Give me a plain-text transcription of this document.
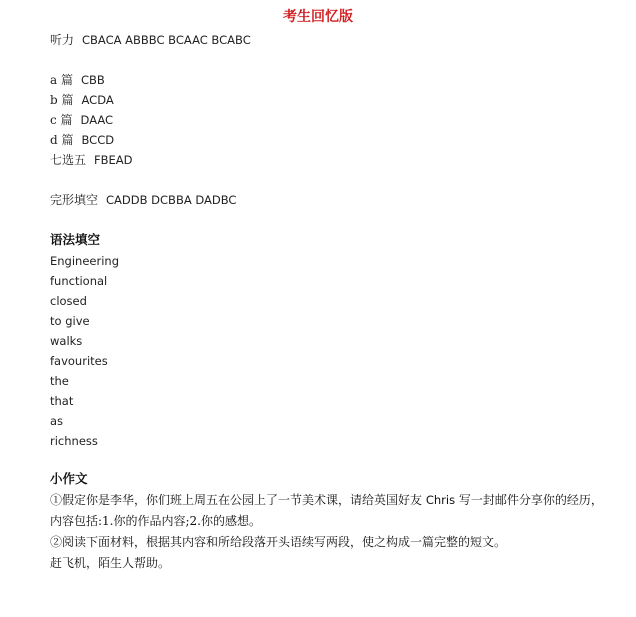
考生回忆版
听力 CBACA ABBBC BCAAC BCABC
a 篇 CBB
b 篇 ACDA
c 篇 DAAC
d 篇 BCCD
七选五 FBEAD
完形填空 CADDB DCBBA DADBC
语法填空
Engineering
functional
closed
to give
walks
favourites
the
that
as
richness
小作文

①假定你是李华，你们班上周五在公园上了一节美术课，请给英国好友 Chris 写一封邮件分享你的经历，内容包括:1.你的作品内容;2.你的感想。

②阅读下面材料，根据其内容和所给段落开头语续写两段，使之构成一篇完整的短文。

赶飞机，陌生人帮助。
